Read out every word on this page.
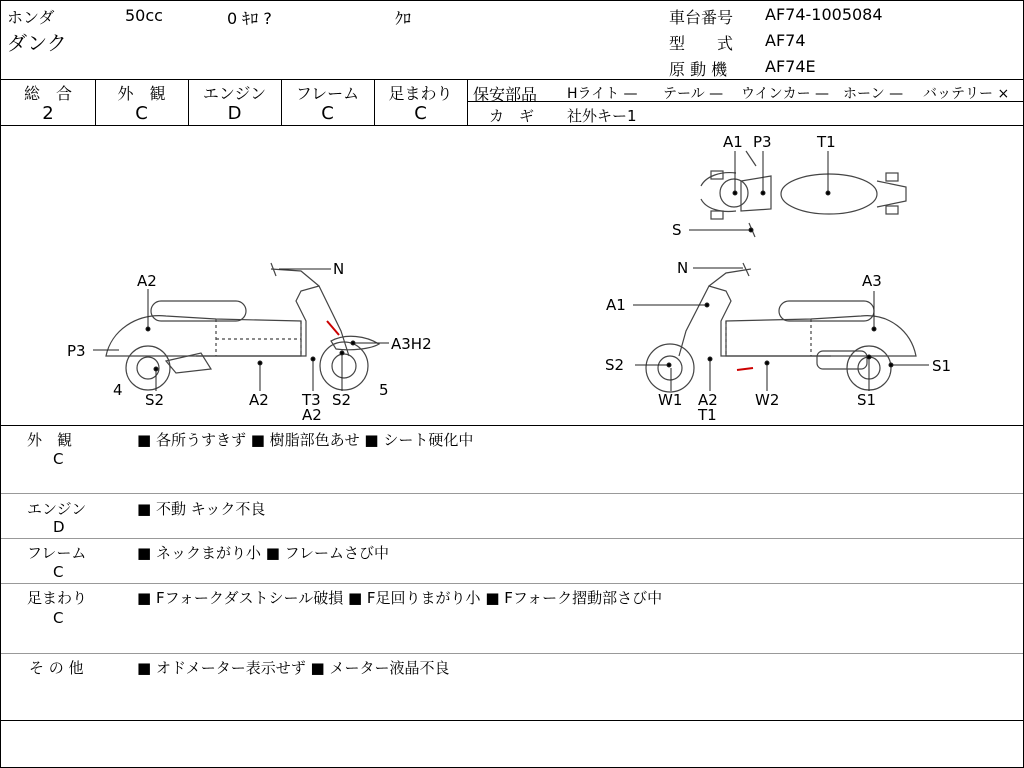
ホンダ	50cc	0 ｷﾛ ?	ｸﾛ
ダンク
車台番号 AF74-1005084
型　　式 AF74
原 動 機 AF74E
総　合
2
外　観
C
エンジン
D
フレーム
C
足まわり
C
保安部品 Hライト — テール — ウインカー — ホーン — バッテリー ×
カ　ギ 社外キー1
N
A2
P3
4
S2	A2 T3
A2
S2
5
A3H2
A1 P3	T1
S
N
A3
A1
S2
W1 A2
T1
W2	S1
S1
外　観
C
■ 各所うすきず ■ 樹脂部色あせ ■ シート硬化中
エンジン
D
■ 不動 キック不良
フレーム
C
■ ネックまがり小 ■ フレームさび中
足まわり
C
■ Fフォークダストシール破損 ■ F足回りまがり小 ■ Fフォーク摺動部さび中
そ の 他	■ オドメーター表示せず ■ メーター液晶不良
